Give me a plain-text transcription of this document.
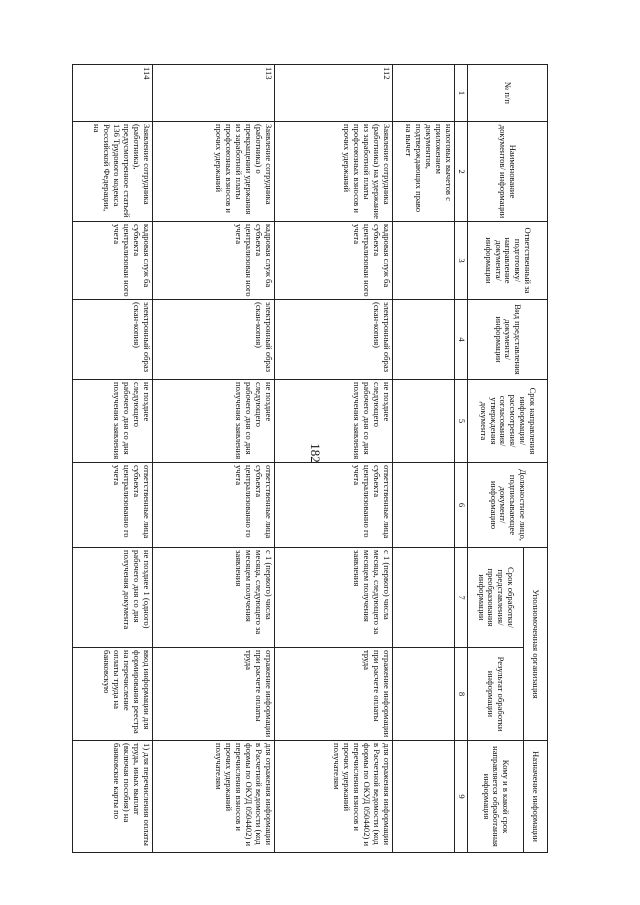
182
№ п/п	Наименование документов/ информации	Ответственный за подготовку/ направление документа/ информации	Вид представления документа/ информации	Срок направления информации/ рассмотрения/ согласования/ утверждения документа	Должностное лицо, подписывающее документ/ информацию	Уполномоченная организация		Назначение информации
						Срок обработки/ представления/ преобразования информации	Результат обработки информации	Кому и в какой срок направляется обработанная информация

1	2	3	4	5	6	7	8	9
	налоговых вычетов с приложением документов, подтверждающих право на вычет							
112	Заявление сотрудника (работника) на удержание из заработной платы профсоюзных взносов и прочих удержаний	кадровая служ ба субъекта централизован ного учета	электронный образ (скан-копия)	не позднее следующего рабочего дня со дня получения заявления	ответственные лица субъекта централизованно го учета	с 1 (первого) числа месяца, следующего за месяцем получения заявления	отражение информации при расчете оплаты труда	для отражения информации в Расчетной ведомости (код формы по ОКУД 0504402) и перечисления взносов и прочих удержаний получателям
113	Заявление сотрудника (работника) о прекращении удержания из заработной платы профсоюзных взносов и прочих удержаний	кадровая служ ба субъекта централизован ного учета	электронный образ (скан-копия)	не позднее следующего рабочего дня со дня получения заявления	ответственные лица субъекта централизованно го учета	с 1 (первого) числа месяца, следующего за месяцем получения заявления	отражение информации при расчете оплаты труда	для отражения информации в Расчетной ведомости (код формы по ОКУД 0504402) и перечисления взносов и прочих удержаний получателям
114	Заявление сотрудника (работника), предусмотренное статьей 136 Трудового кодекса Российской Федерации, на	кадровая служ ба субъекта централизован ного учета	электронный образ (скан-копия)	не позднее следующего рабочего дня со дня получения заявления	ответственные лица субъекта централизованно го учета	не позднее 1 (одного) рабочего дня со дня получения документа	ввод информации для формирования реестра на перечисление оплаты труда на банковскую	1) для перечисления оплаты труда, иных выплат (включая пособия) на банковские карты по
